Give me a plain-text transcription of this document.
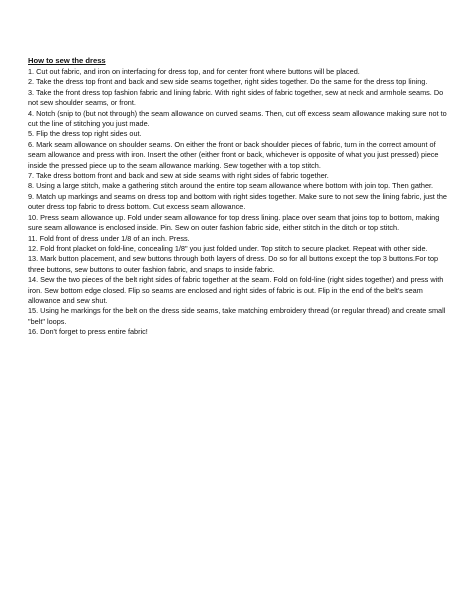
How to sew the dress
1. Cut out fabric, and iron on interfacing for dress top, and for center front where buttons will be placed.
2. Take the dress top front and back and sew side seams together, right sides together. Do the same for the dress top lining.
3. Take the front dress top fashion fabric and lining fabric. With right sides of fabric together, sew at neck and armhole seams. Do not sew shoulder seams, or front.
4. Notch (snip to (but not through) the seam allowance on curved seams. Then, cut off excess seam allowance making sure not to cut the line of stitching you just made.
5. Flip the dress top right sides out.
6. Mark seam allowance on shoulder seams. On either the front or back shoulder pieces of fabric, turn in the correct amount of seam allowance and press with iron. Insert the other (either front or back, whichever is opposite of what you just pressed) piece inside the pressed piece up to the seam allowance marking. Sew together with a top stitch.
7. Take dress bottom front and back and sew at side seams with right sides of fabric together.
8. Using a large stitch, make a gathering stitch around the entire top seam allowance where bottom with join top. Then gather.
9. Match up markings and seams on dress top and bottom with right sides together. Make sure to not sew the lining fabric, just the outer dress top fabric to dress bottom. Cut excess seam allowance.
10. Press seam allowance up. Fold under seam allowance for top dress lining. place over seam that joins top to bottom, making sure seam allowance is enclosed inside. Pin. Sew on outer fashion fabric side, either stitch in the ditch or top stitch.
11. Fold front of dress under 1/8 of an inch. Press.
12. Fold front placket on fold-line, concealing 1/8" you just folded under. Top stitch to secure placket. Repeat with other side.
13. Mark button placement, and sew buttons through both layers of dress. Do so for all buttons except the top 3 buttons.For top three buttons, sew buttons to outer fashion fabric, and snaps to inside fabric.
14. Sew the two pieces of the belt right sides of fabric together at the seam. Fold on fold-line (right sides together) and press with iron. Sew bottom edge closed. Flip so seams are enclosed and right sides of fabric is out. Flip in the end of the belt's seam allowance and sew shut.
15. Using he markings for the belt on the dress side seams, take matching embroidery thread (or regular thread) and create small "belt" loops.
16. Don't forget to press entire fabric!
